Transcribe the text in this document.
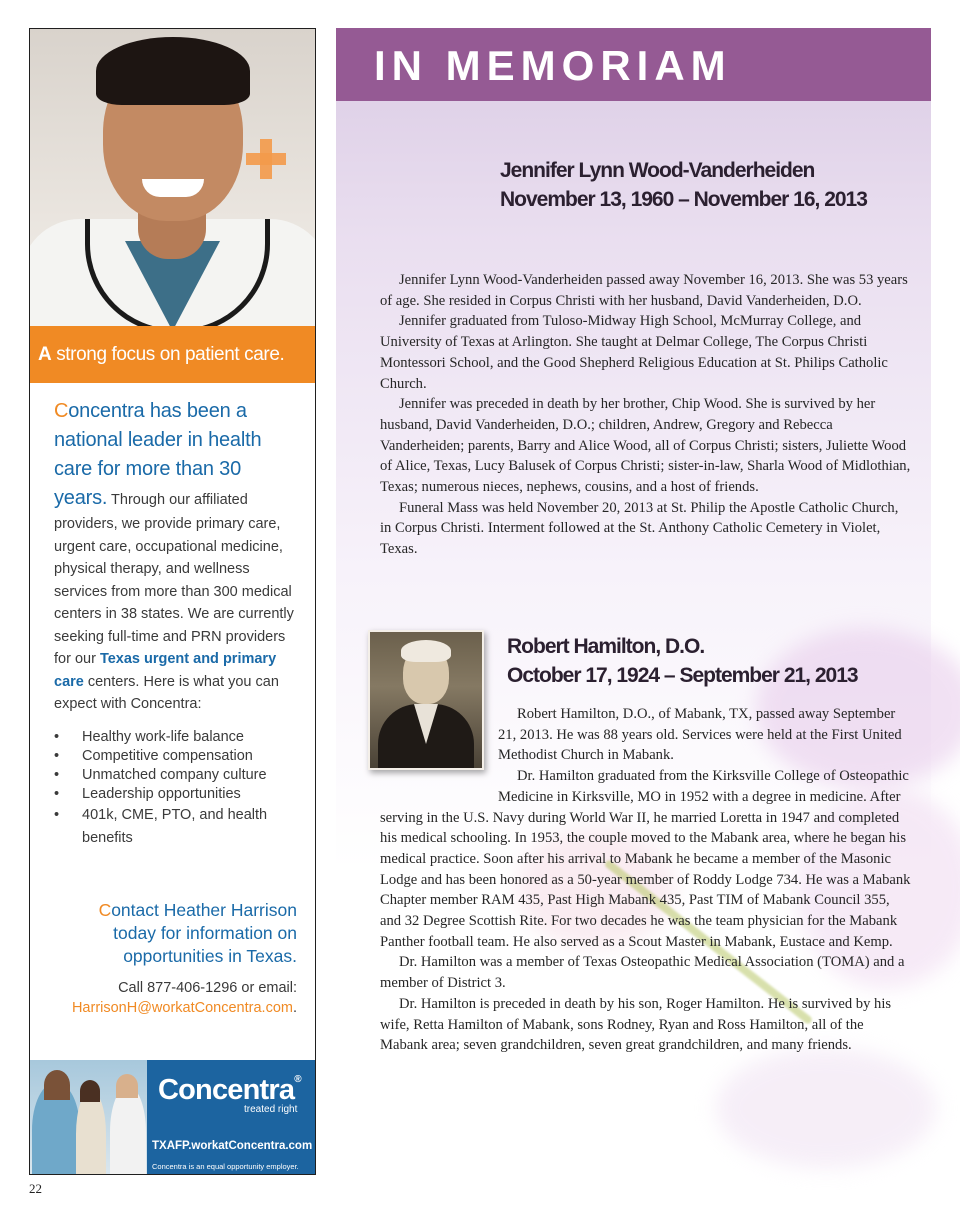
A strong focus on patient care.
Concentra has been a national leader in health care for more than 30 years. Through our affiliated providers, we provide primary care, urgent care, occupational medicine, physical therapy, and wellness services from more than 300 medical centers in 38 states. We are currently seeking full-time and PRN providers for our Texas urgent and primary care centers. Here is what you can expect with Concentra:
• Healthy work-life balance
• Competitive compensation
• Unmatched company culture
• Leadership opportunities
• 401k, CME, PTO, and health benefits
Contact Heather Harrison today for information on opportunities in Texas.
Call 877-406-1296 or email:
HarrisonH@workatConcentra.com.
Concentra®
treated right
TXAFP.workatConcentra.com
Concentra is an equal opportunity employer.
22
IN MEMORIAM
Jennifer Lynn Wood-Vanderheiden
November 13, 1960 – November 16, 2013

Jennifer Lynn Wood-Vanderheiden passed away November 16, 2013. She was 53 years of age. She resided in Corpus Christi with her husband, David Vanderheiden, D.O.

Jennifer graduated from Tuloso-Midway High School, McMurray College, and University of Texas at Arlington. She taught at Delmar College, The Corpus Christi Montessori School, and the Good Shepherd Religious Education at St. Philips Catholic Church.

Jennifer was preceded in death by her brother, Chip Wood. She is survived by her husband, David Vanderheiden, D.O.; children, Andrew, Gregory and Rebecca Vanderheiden; parents, Barry and Alice Wood, all of Corpus Christi; sisters, Juliette Wood of Alice, Texas, Lucy Balusek of Corpus Christi; sister-in-law, Sharla Wood of Midlothian, Texas; numerous nieces, nephews, cousins, and a host of friends.

Funeral Mass was held November 20, 2013 at St. Philip the Apostle Catholic Church, in Corpus Christi. Interment followed at the St. Anthony Catholic Cemetery in Violet, Texas.

Robert Hamilton, D.O.
October 17, 1924 – September 21, 2013

Robert Hamilton, D.O., of Mabank, TX, passed away September 21, 2013. He was 88 years old. Services were held at the First United Methodist Church in Mabank.

Dr. Hamilton graduated from the Kirksville College of Osteopathic Medicine in Kirksville, MO in 1952 with a degree in medicine. After serving in the U.S. Navy during World War II, he married Loretta in 1947 and completed his medical schooling. In 1953, the couple moved to the Mabank area, where he began his medical practice. Soon after his arrival to Mabank he became a member of the Masonic Lodge and has been honored as a 50-year member of Roddy Lodge 734. He was a Mabank Chapter member RAM 435, Past High Mabank 435, Past TIM of Mabank Council 355, and 32 Degree Scottish Rite. For two decades he was the team physician for the Mabank Panther football team. He also served as a Scout Master in Mabank, Eustace and Kemp.

Dr. Hamilton was a member of Texas Osteopathic Medical Association (TOMA) and a member of District 3.

Dr. Hamilton is preceded in death by his son, Roger Hamilton. He is survived by his wife, Retta Hamilton of Mabank, sons Rodney, Ryan and Ross Hamilton, all of the Mabank area; seven grandchildren, seven great grandchildren, and many friends.
